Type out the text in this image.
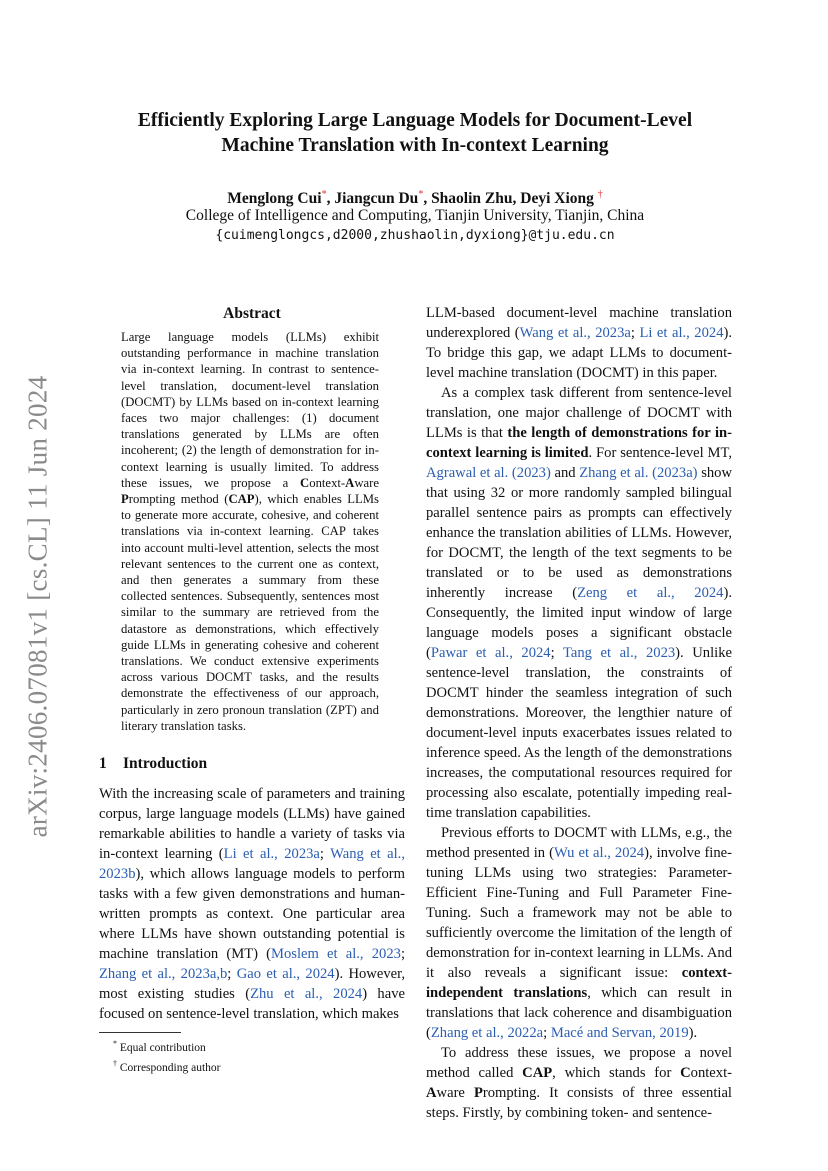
arXiv:2406.07081v1 [cs.CL] 11 Jun 2024
Efficiently Exploring Large Language Models for Document-Level
Machine Translation with In-context Learning
Menglong Cui*, Jiangcun Du*, Shaolin Zhu, Deyi Xiong †
College of Intelligence and Computing, Tianjin University, Tianjin, China
{cuimenglongcs,d2000,zhushaolin,dyxiong}@tju.edu.cn
Abstract
Large language models (LLMs) exhibit outstanding performance in machine translation via in-context learning. In contrast to sentence-level translation, document-level translation (DOCMT) by LLMs based on in-context learning faces two major challenges: (1) document translations generated by LLMs are often incoherent; (2) the length of demonstration for in-context learning is usually limited. To address these issues, we propose a Context-Aware Prompting method (CAP), which enables LLMs to generate more accurate, cohesive, and coherent translations via in-context learning. CAP takes into account multi-level attention, selects the most relevant sentences to the current one as context, and then generates a summary from these collected sentences. Subsequently, sentences most similar to the summary are retrieved from the datastore as demonstrations, which effectively guide LLMs in generating cohesive and coherent translations. We conduct extensive experiments across various DOCMT tasks, and the results demonstrate the effectiveness of our approach, particularly in zero pronoun translation (ZPT) and literary translation tasks.
1 Introduction

With the increasing scale of parameters and training corpus, large language models (LLMs) have gained remarkable abilities to handle a variety of tasks via in-context learning (Li et al., 2023a; Wang et al., 2023b), which allows language models to perform tasks with a few given demonstrations and human-written prompts as context. One particular area where LLMs have shown outstanding potential is machine translation (MT) (Moslem et al., 2023; Zhang et al., 2023a,b; Gao et al., 2024). However, most existing studies (Zhu et al., 2024) have focused on sentence-level translation, which makes

* Equal contribution
† Corresponding author

LLM-based document-level machine translation underexplored (Wang et al., 2023a; Li et al., 2024). To bridge this gap, we adapt LLMs to document-level machine translation (DOCMT) in this paper.

As a complex task different from sentence-level translation, one major challenge of DOCMT with LLMs is that the length of demonstrations for in-context learning is limited. For sentence-level MT, Agrawal et al. (2023) and Zhang et al. (2023a) show that using 32 or more randomly sampled bilingual parallel sentence pairs as prompts can effectively enhance the translation abilities of LLMs. However, for DOCMT, the length of the text segments to be translated or to be used as demonstrations inherently increase (Zeng et al., 2024). Consequently, the limited input window of large language models poses a significant obstacle (Pawar et al., 2024; Tang et al., 2023). Unlike sentence-level translation, the constraints of DOCMT hinder the seamless integration of such demonstrations. Moreover, the lengthier nature of document-level inputs exacerbates issues related to inference speed. As the length of the demonstrations increases, the computational resources required for processing also escalate, potentially impeding real-time translation capabilities.

Previous efforts to DOCMT with LLMs, e.g., the method presented in (Wu et al., 2024), involve fine-tuning LLMs using two strategies: Parameter-Efficient Fine-Tuning and Full Parameter Fine-Tuning. Such a framework may not be able to sufficiently overcome the limitation of the length of demonstration for in-context learning in LLMs. And it also reveals a significant issue: context-independent translations, which can result in translations that lack coherence and disambiguation (Zhang et al., 2022a; Macé and Servan, 2019).

To address these issues, we propose a novel method called CAP, which stands for Context-Aware Prompting. It consists of three essential steps. Firstly, by combining token- and sentence-
